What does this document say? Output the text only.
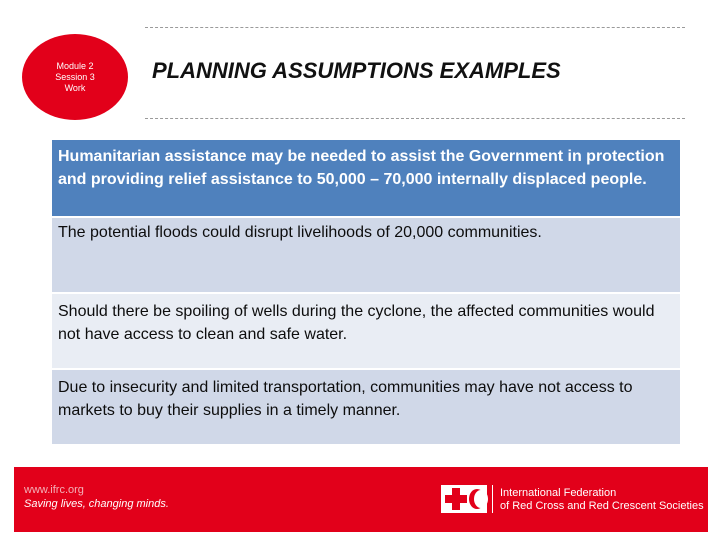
Module 2
Session 3
Work
PLANNING ASSUMPTIONS EXAMPLES
Humanitarian assistance may be needed to assist the Government in protection and providing relief assistance to 50,000 – 70,000 internally displaced people.
The potential floods could disrupt livelihoods of 20,000 communities.
Should there be spoiling of wells during the cyclone, the affected communities would not have access to clean and safe water.
Due to insecurity and limited transportation, communities may have not access to markets to buy their supplies in a timely manner.
www.ifrc.org
Saving lives, changing minds.
International Federation
of Red Cross and Red Crescent Societies
